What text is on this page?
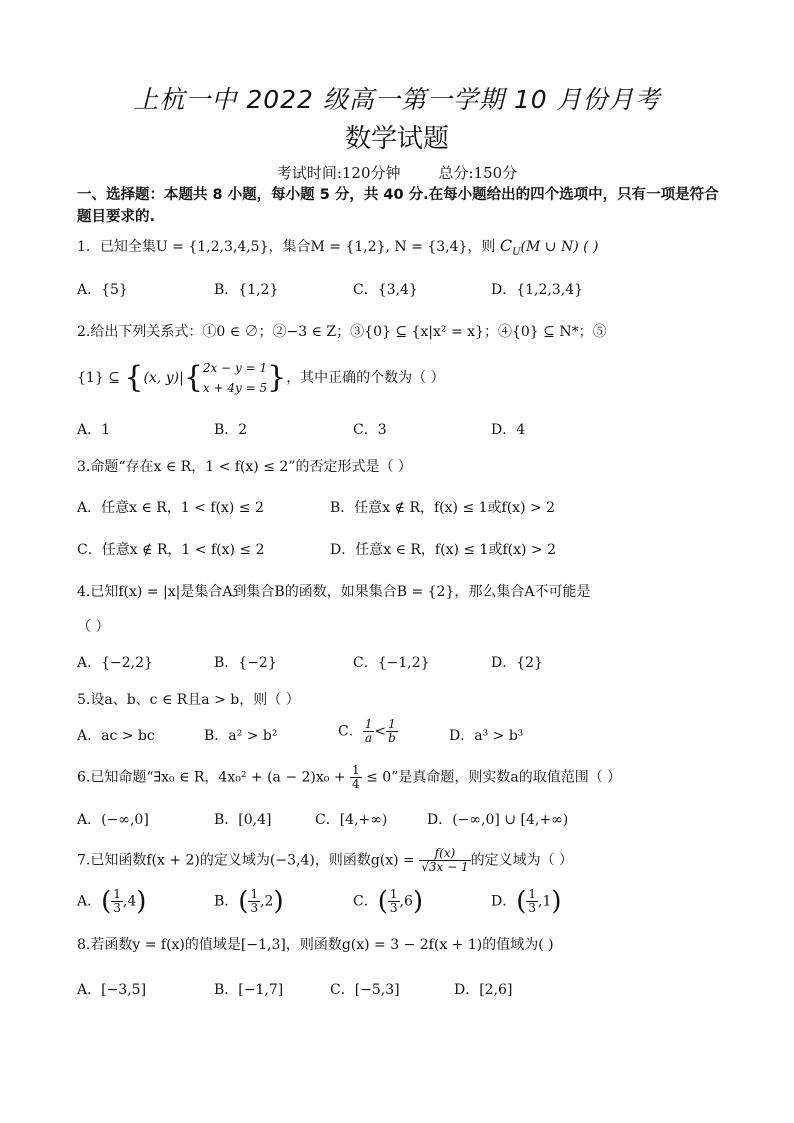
上杭一中 2022 级高一第一学期 10 月份月考
数学试题
考试时间:120分钟	总分:150分
一、选择题：本题共 8 小题，每小题 5 分，共 40 分.在每小题给出的四个选项中，只有一项是符合题目要求的.
1．已知全集U = {1,2,3,4,5}，集合M = {1,2}, N = {3,4}，则 $C_U(M$ ∪ N) ( )
A．{5}	B．{1,2}	C．{3,4}	D．{1,2,3,4}
2.给出下列关系式：①0 ∈ ∅；②−3 ∈ Z；③{0} ⊆ {x|x² = x}；④{0} ⊆ N*；⑤
{1} ⊆ {(x, y)|{ 2x − y = 1
x + 4y = 5 }，其中正确的个数为（ ）
A．1	B．2	C．3	D．4
3.命题“存在x ∈ R，1 < f(x) ≤ 2”的否定形式是（ ）
A．任意x ∈ R，1 < f(x) ≤ 2	B．任意x ∉ R，f(x) ≤ 1或f(x) > 2
C．任意x ∉ R，1 < f(x) ≤ 2	D．任意x ∈ R，f(x) ≤ 1或f(x) > 2
4.已知f(x) = |x|是集合A到集合B的函数，如果集合B = {2}，那么集合A不可能是
（ ）
A．{−2,2}	B．{−2}	C．{−1,2}	D．{2}
5.设a、b、c ∈ R且a > b，则（ ）
A．ac > bc	B．a² > b²	C． $\frac{1}{a} < \frac{1}{b}$	D．a³ > b³
6.已知命题“∃x₀ ∈ R，$4x_0^2 + (a - 2)x_0 + \frac{1}{4} \le 0$”是真命题，则实数a的取值范围（ ）
A．(−∞,0]	B．[0,4]	C．[4,+∞)	D．(−∞,0] ∪ [4,+∞)
7.已知函数f(x + 2)的定义域为(−3,4)，则函数$g(x) = \frac{f(x)}{√3x - 1}$ 的定义域为（ ）
A．( $\frac{1}{3} ,4$)	B．( $\frac{1}{3} ,2$)	C．( $\frac{1}{3} ,6$)	D．( $\frac{1}{3} ,1$)
8.若函数y = f(x)的值域是[−1,3]，则函数g(x) = 3 − 2f(x + 1)的值域为( )
A．[−3,5]	B．[−1,7]	C．[−5,3]	D．[2,6]
